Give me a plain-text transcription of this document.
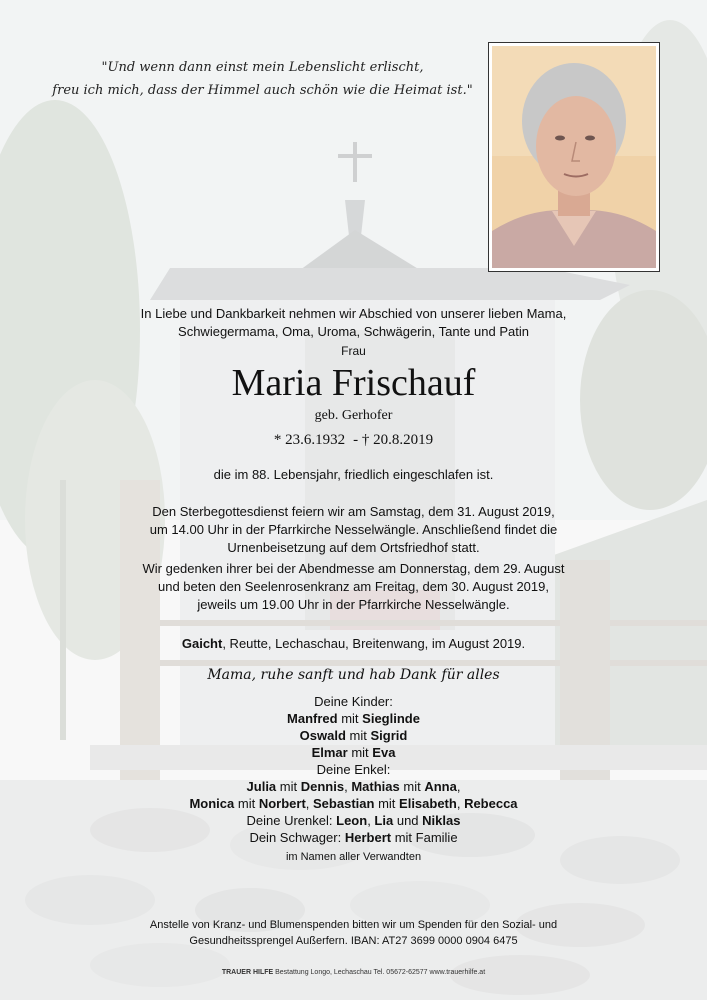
"Und wenn dann einst mein Lebenslicht erlischt,
freu ich mich, dass der Himmel auch schön wie die Heimat ist."
In Liebe und Dankbarkeit nehmen wir Abschied von unserer lieben Mama,
Schwiegermama, Oma, Uroma, Schwägerin, Tante und Patin
Frau
Maria Frischauf
geb. Gerhofer
* 23.6.1932 - † 20.8.2019
die im 88. Lebensjahr, friedlich eingeschlafen ist.
Den Sterbegottesdienst feiern wir am Samstag, dem 31. August 2019,
um 14.00 Uhr in der Pfarrkirche Nesselwängle. Anschließend findet die
Urnenbeisetzung auf dem Ortsfriedhof statt.
Wir gedenken ihrer bei der Abendmesse am Donnerstag, dem 29. August
und beten den Seelenrosenkranz am Freitag, dem 30. August 2019,
jeweils um 19.00 Uhr in der Pfarrkirche Nesselwängle.
Gaicht, Reutte, Lechaschau, Breitenwang, im August 2019.
Mama, ruhe sanft und hab Dank für alles
Deine Kinder:
Manfred mit Sieglinde
Oswald mit Sigrid
Elmar mit Eva
Deine Enkel:
Julia mit Dennis, Mathias mit Anna,
Monica mit Norbert, Sebastian mit Elisabeth, Rebecca
Deine Urenkel: Leon, Lia und Niklas
Dein Schwager: Herbert mit Familie
im Namen aller Verwandten
Anstelle von Kranz- und Blumenspenden bitten wir um Spenden für den Sozial- und
Gesundheitssprengel Außerfern. IBAN: AT27 3699 0000 0904 6475
TRAUER HILFE Bestattung Longo, Lechaschau Tel. 05672-62577 www.trauerhilfe.at
